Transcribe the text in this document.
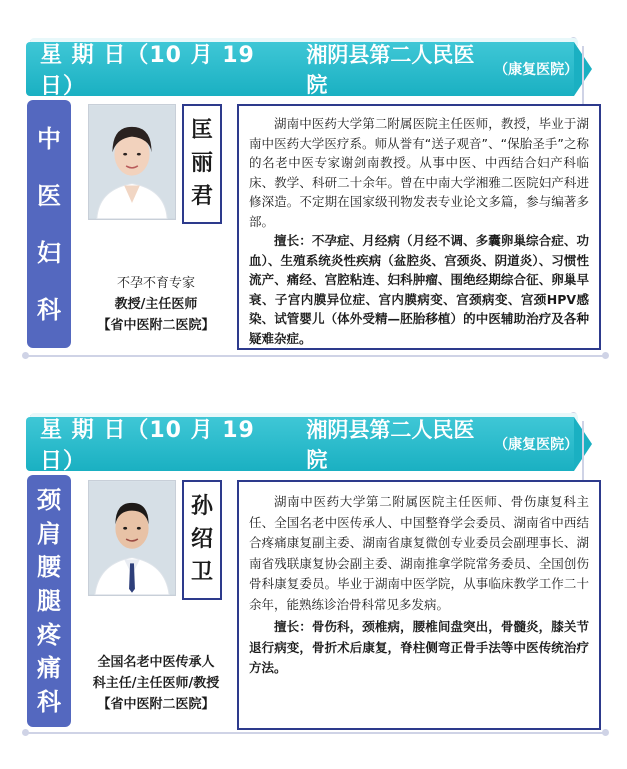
星 期 日（10 月 19 日）
湘阴县第二人民医院
（康复医院）
中
医
妇
科
匡
丽
君
不孕不育专家
教授/主任医师
【省中医附二医院】

湖南中医药大学第二附属医院主任医师，教授，毕业于湖南中医药大学医疗系。师从誉有“送子观音”、“保胎圣手”之称的名老中医专家谢剑南教授。从事中医、中西结合妇产科临床、教学、科研二十余年。曾在中南大学湘雅二医院妇产科进修深造。不定期在国家级刊物发表专业论文多篇，参与编著多部。

擅长：不孕症、月经病（月经不调、多囊卵巢综合症、功血）、生殖系统炎性疾病（盆腔炎、宫颈炎、阴道炎）、习惯性流产、痛经、宫腔粘连、妇科肿瘤、围绝经期综合征、卵巢早衰、子宫内膜异位症、宫内膜病变、宫颈病变、宫颈HPV感染、试管婴儿（体外受精—胚胎移植）的中医辅助治疗及各种疑难杂症。

星 期 日（10 月 19 日）
湘阴县第二人民医院
（康复医院）
颈
肩
腰
腿
疼
痛
科
孙
绍
卫
全国名老中医传承人
科主任/主任医师/教授
【省中医附二医院】

湖南中医药大学第二附属医院主任医师、骨伤康复科主任、全国名老中医传承人、中国整脊学会委员、湖南省中西结合疼痛康复副主委、湖南省康复微创专业委员会副理事长、湖南省残联康复协会副主委、湖南推拿学院常务委员、全国创伤骨科康复委员。毕业于湖南中医学院，从事临床教学工作二十余年，能熟练诊治骨科常见多发病。

擅长：骨伤科，颈椎病，腰椎间盘突出，骨髓炎，膝关节退行病变，骨折术后康复，脊柱侧弯正骨手法等中医传统治疗方法。
